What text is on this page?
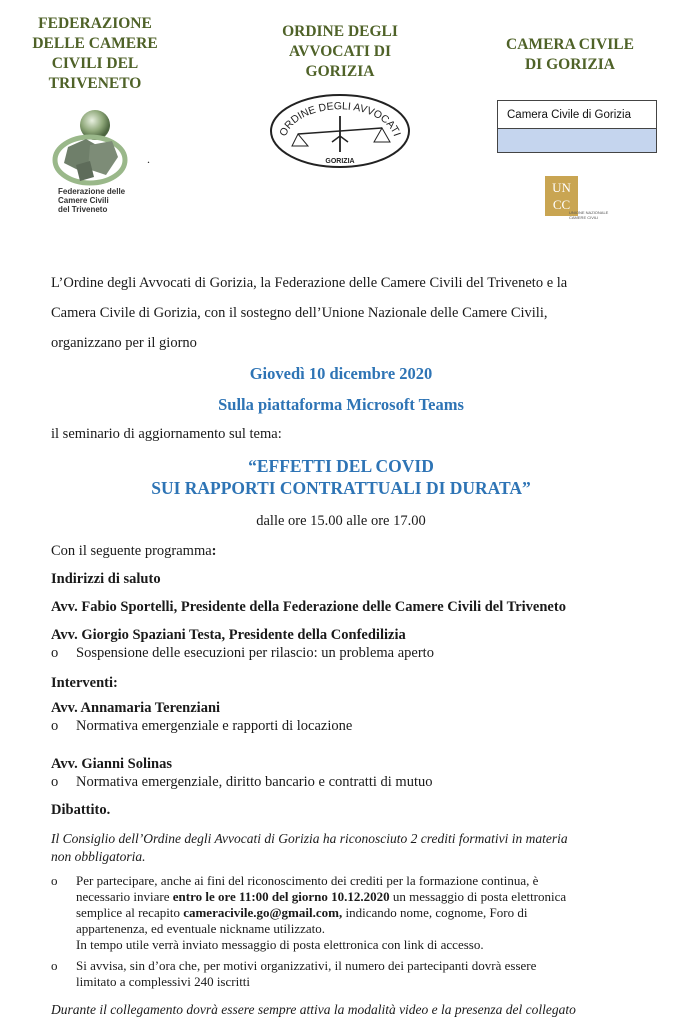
FEDERAZIONE
DELLE CAMERE
CIVILI DEL
TRIVENETO
ORDINE DEGLI
AVVOCATI DI
GORIZIA
CAMERA CIVILE
DI GORIZIA
Federazione delle
Camere Civili
del Triveneto
ORDINE DEGLI AVVOCATI
GORIZIA
.
Camera Civile di Gorizia
UN
CC
UNIONE NAZIONALE
CAMERE CIVILI
L’Ordine degli Avvocati di Gorizia, la Federazione delle Camere Civili del Triveneto e la
Camera Civile di Gorizia, con il sostegno dell’Unione Nazionale delle Camere Civili,
organizzano per il giorno
Giovedì 10 dicembre 2020
Sulla piattaforma Microsoft Teams
il seminario di aggiornamento sul tema:
“EFFETTI DEL COVID
SUI RAPPORTI CONTRATTUALI DI DURATA”
dalle ore 15.00 alle ore 17.00
Con il seguente programma:
Indirizzi di saluto
Avv. Fabio Sportelli, Presidente della Federazione delle Camere Civili del Triveneto
Avv. Giorgio Spaziani Testa, Presidente della Confedilizia
o Sospensione delle esecuzioni per rilascio: un problema aperto
Interventi:
Avv. Annamaria Terenziani
o Normativa emergenziale e rapporti di locazione
Avv. Gianni Solinas
o Normativa emergenziale, diritto bancario e contratti di mutuo
Dibattito.
Il Consiglio dell’Ordine degli Avvocati di Gorizia ha riconosciuto 2 crediti formativi in materia
non obbligatoria.
o Per partecipare, anche ai fini del riconoscimento dei crediti per la formazione continua, è
necessario inviare entro le ore 11:00 del giorno 10.12.2020 un messaggio di posta elettronica
semplice al recapito cameracivile.go@gmail.com, indicando nome, cognome, Foro di
appartenenza, ed eventuale nickname utilizzato.
In tempo utile verrà inviato messaggio di posta elettronica con link di accesso.
o Si avvisa, sin d’ora che, per motivi organizzativi, il numero dei partecipanti dovrà essere
limitato a complessivi 240 iscritti
Durante il collegamento dovrà essere sempre attiva la modalità video e la presenza del collegato
